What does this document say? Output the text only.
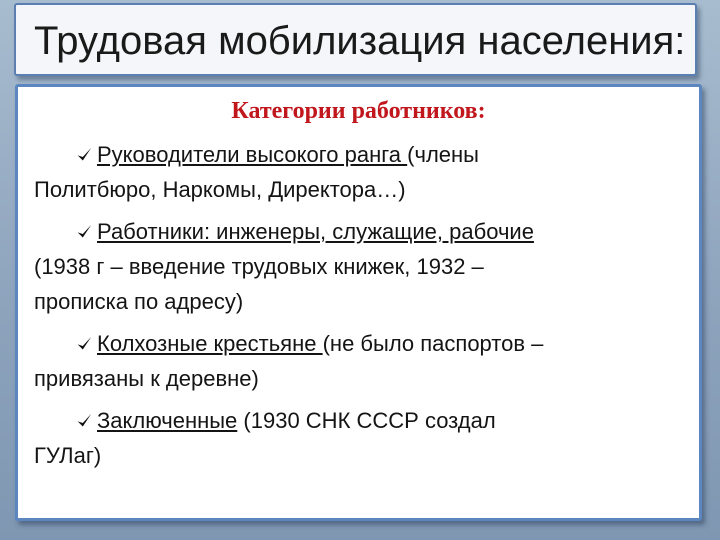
Трудовая мобилизация населения:
Категории работников:
Руководители высокого ранга (члены
Политбюро, Наркомы, Директора…)
Работники: инженеры, служащие, рабочие
(1938 г – введение трудовых книжек, 1932 –
прописка по адресу)
Колхозные крестьяне (не было паспортов –
привязаны к деревне)
Заключенные (1930 СНК СССР создал
ГУЛаг)
